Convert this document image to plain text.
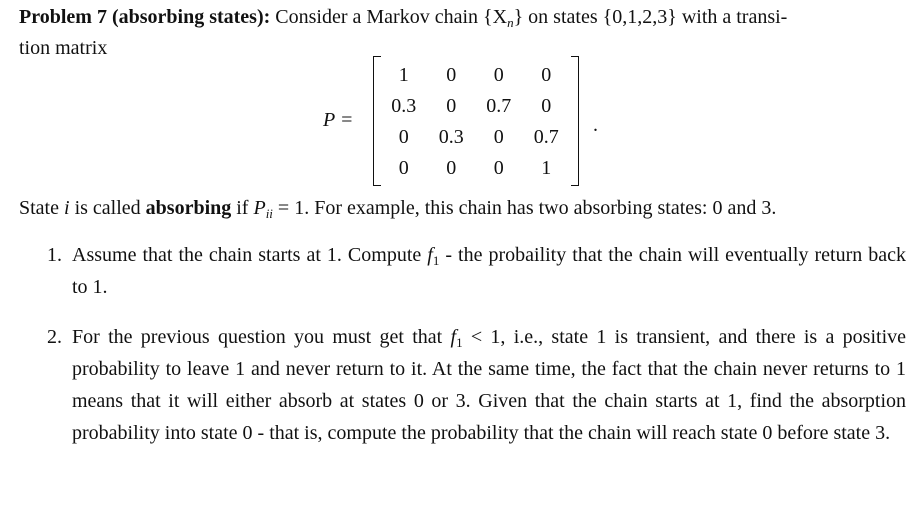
Problem 7 (absorbing states): Consider a Markov chain $\{X_n\}$ on states {0,1,2,3} with a transi-
tion matrix
P =
1	0	0	0
0.3	0	0.7	0
0	0.3	0	0.7
0	0	0	1
.
State i is called absorbing if $P_{ii} = 1$. For example, this chain has two absorbing states: 0 and 3.
1. Assume that the chain starts at 1. Compute $f_1$ - the probaility that the chain will eventually return back to 1.
2. For the previous question you must get that $f_1 < 1$, i.e., state 1 is transient, and there is a positive probability to leave 1 and never return to it. At the same time, the fact that the chain never returns to 1 means that it will either absorb at states 0 or 3. Given that the chain starts at 1, find the absorption probability into state 0 - that is, compute the probability that the chain will reach state 0 before state 3.
